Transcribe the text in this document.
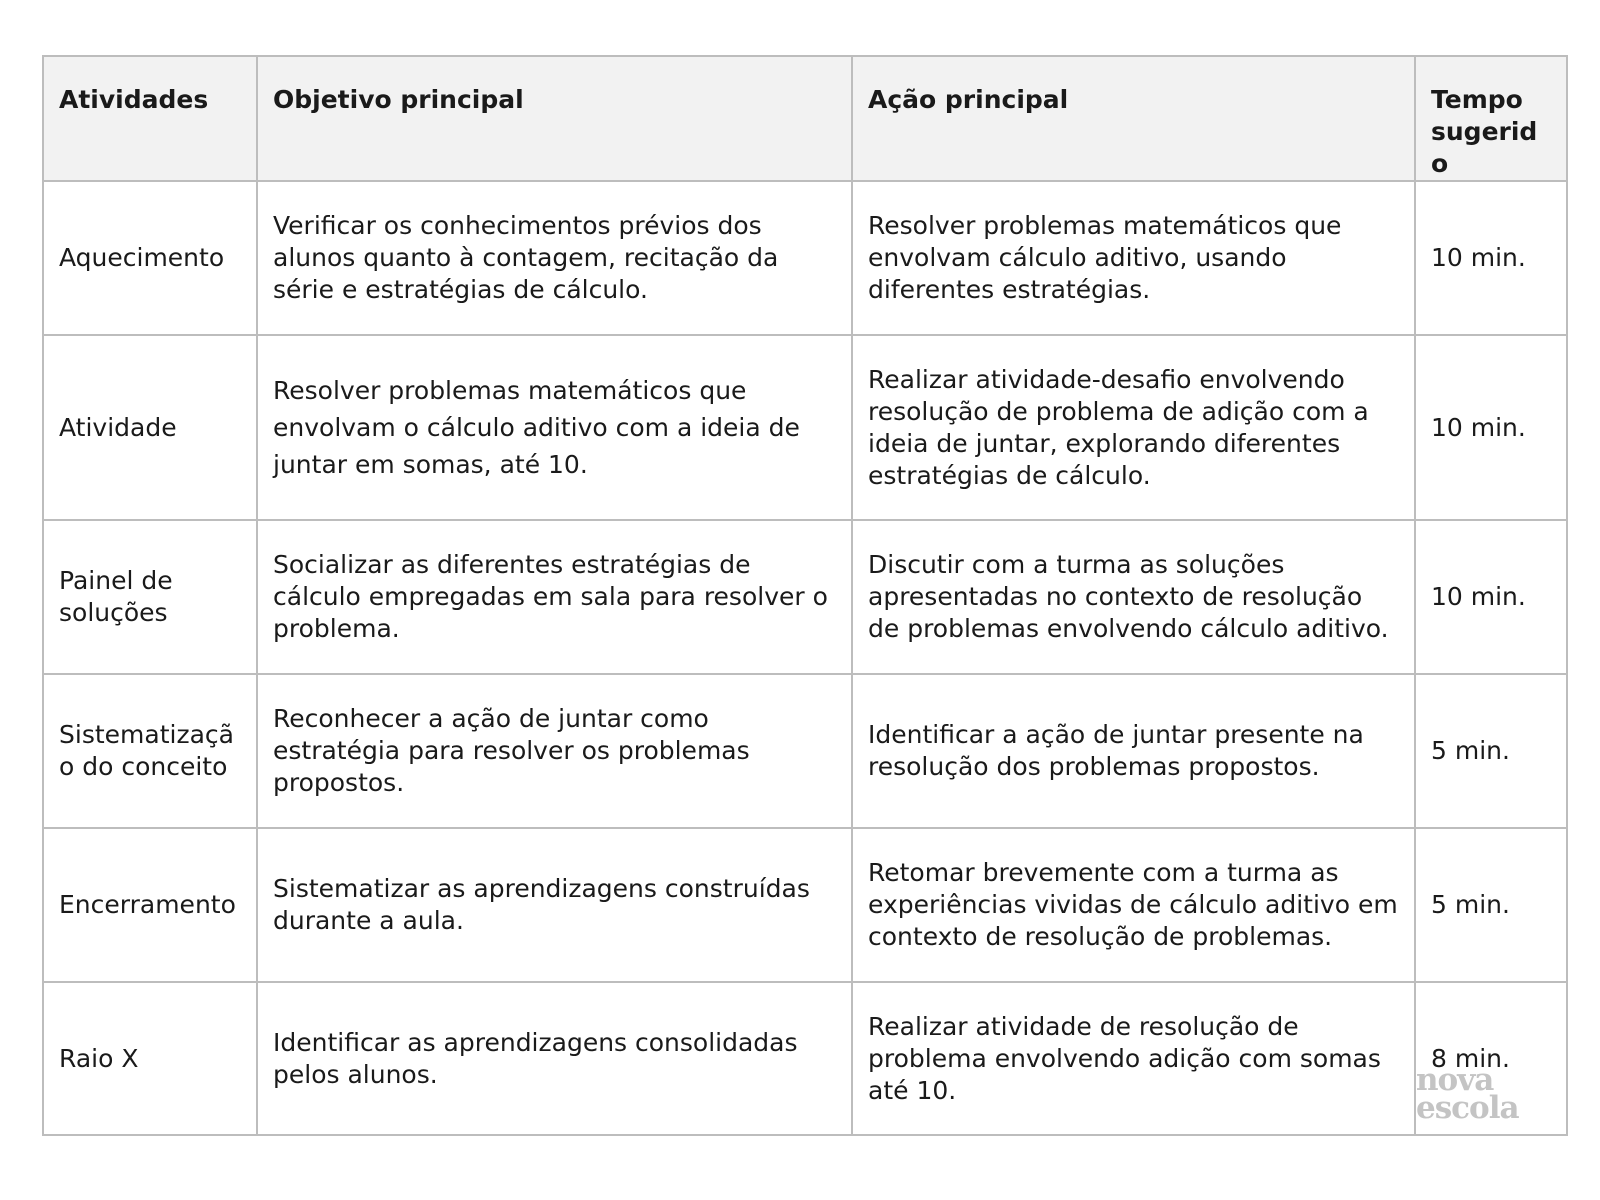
Atividades	Objetivo principal	Ação principal	Tempo sugerido
Aquecimento	Verificar os conhecimentos prévios dos alunos quanto à contagem, recitação da série e estratégias de cálculo.	Resolver problemas matemáticos que envolvam cálculo aditivo, usando diferentes estratégias.	10 min.
Atividade	Resolver problemas matemáticos que envolvam o cálculo aditivo com a ideia de juntar em somas, até 10.	Realizar atividade-desafio envolvendo resolução de problema de adição com a ideia de juntar, explorando diferentes estratégias de cálculo.	10 min.
Painel de soluções	Socializar as diferentes estratégias de cálculo empregadas em sala para resolver o problema.	Discutir com a turma as soluções apresentadas no contexto de resolução de problemas envolvendo cálculo aditivo.	10 min.
Sistematização do conceito	Reconhecer a ação de juntar como estratégia para resolver os problemas propostos.	Identificar a ação de juntar presente na resolução dos problemas propostos.	5 min.
Encerramento	Sistematizar as aprendizagens construídas durante a aula.	Retomar brevemente com a turma as experiências vividas de cálculo aditivo em contexto de resolução de problemas.	5 min.
Raio X	Identificar as aprendizagens consolidadas pelos alunos.	Realizar atividade de resolução de problema envolvendo adição com somas até 10.	8 min.
nova
escola
